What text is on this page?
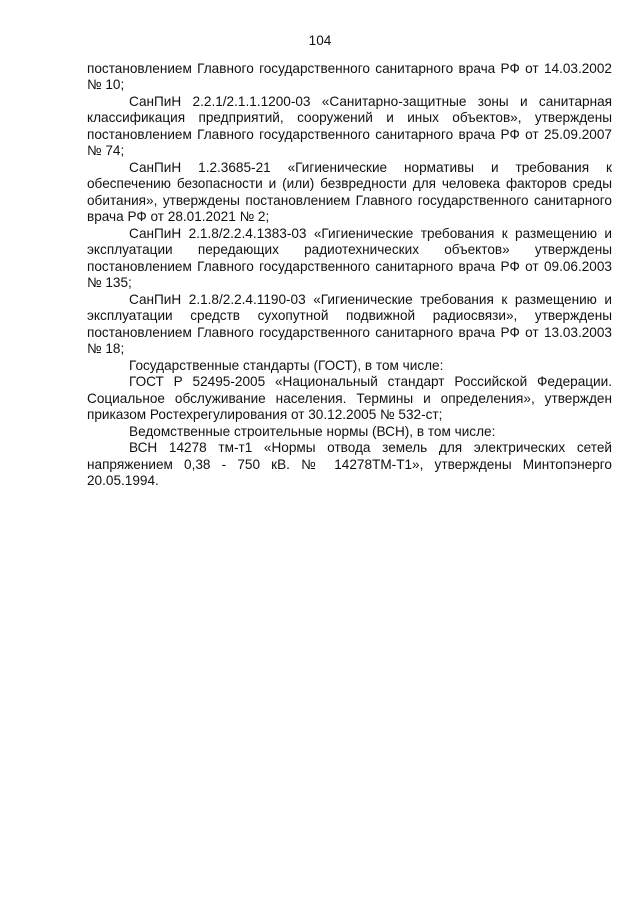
104

постановлением Главного государственного санитарного врача РФ от 14.03.2002 № 10;

СанПиН 2.2.1/2.1.1.1200-03 «Санитарно-защитные зоны и санитарная классификация предприятий, сооружений и иных объектов», утверждены постановлением Главного государственного санитарного врача РФ от 25.09.2007 № 74;

СанПиН 1.2.3685-21 «Гигиенические нормативы и требования к обеспечению безопасности и (или) безвредности для человека факторов среды обитания», утверждены постановлением Главного государственного санитарного врача РФ от 28.01.2021 № 2;

СанПиН 2.1.8/2.2.4.1383-03 «Гигиенические требования к размещению и эксплуатации передающих радиотехнических объектов» утверждены постановлением Главного государственного санитарного врача РФ от 09.06.2003 № 135;

СанПиН 2.1.8/2.2.4.1190-03 «Гигиенические требования к размещению и эксплуатации средств сухопутной подвижной радиосвязи», утверждены постановлением Главного государственного санитарного врача РФ от 13.03.2003 № 18;

Государственные стандарты (ГОСТ), в том числе:

ГОСТ Р 52495-2005 «Национальный стандарт Российской Федерации. Социальное обслуживание населения. Термины и определения», утвержден приказом Ростехрегулирования от 30.12.2005 № 532-ст;

Ведомственные строительные нормы (ВСН), в том числе:

ВСН 14278 тм-т1 «Нормы отвода земель для электрических сетей напряжением 0,38 - 750 кВ. № 14278ТМ-Т1», утверждены Минтопэнерго 20.05.1994.
